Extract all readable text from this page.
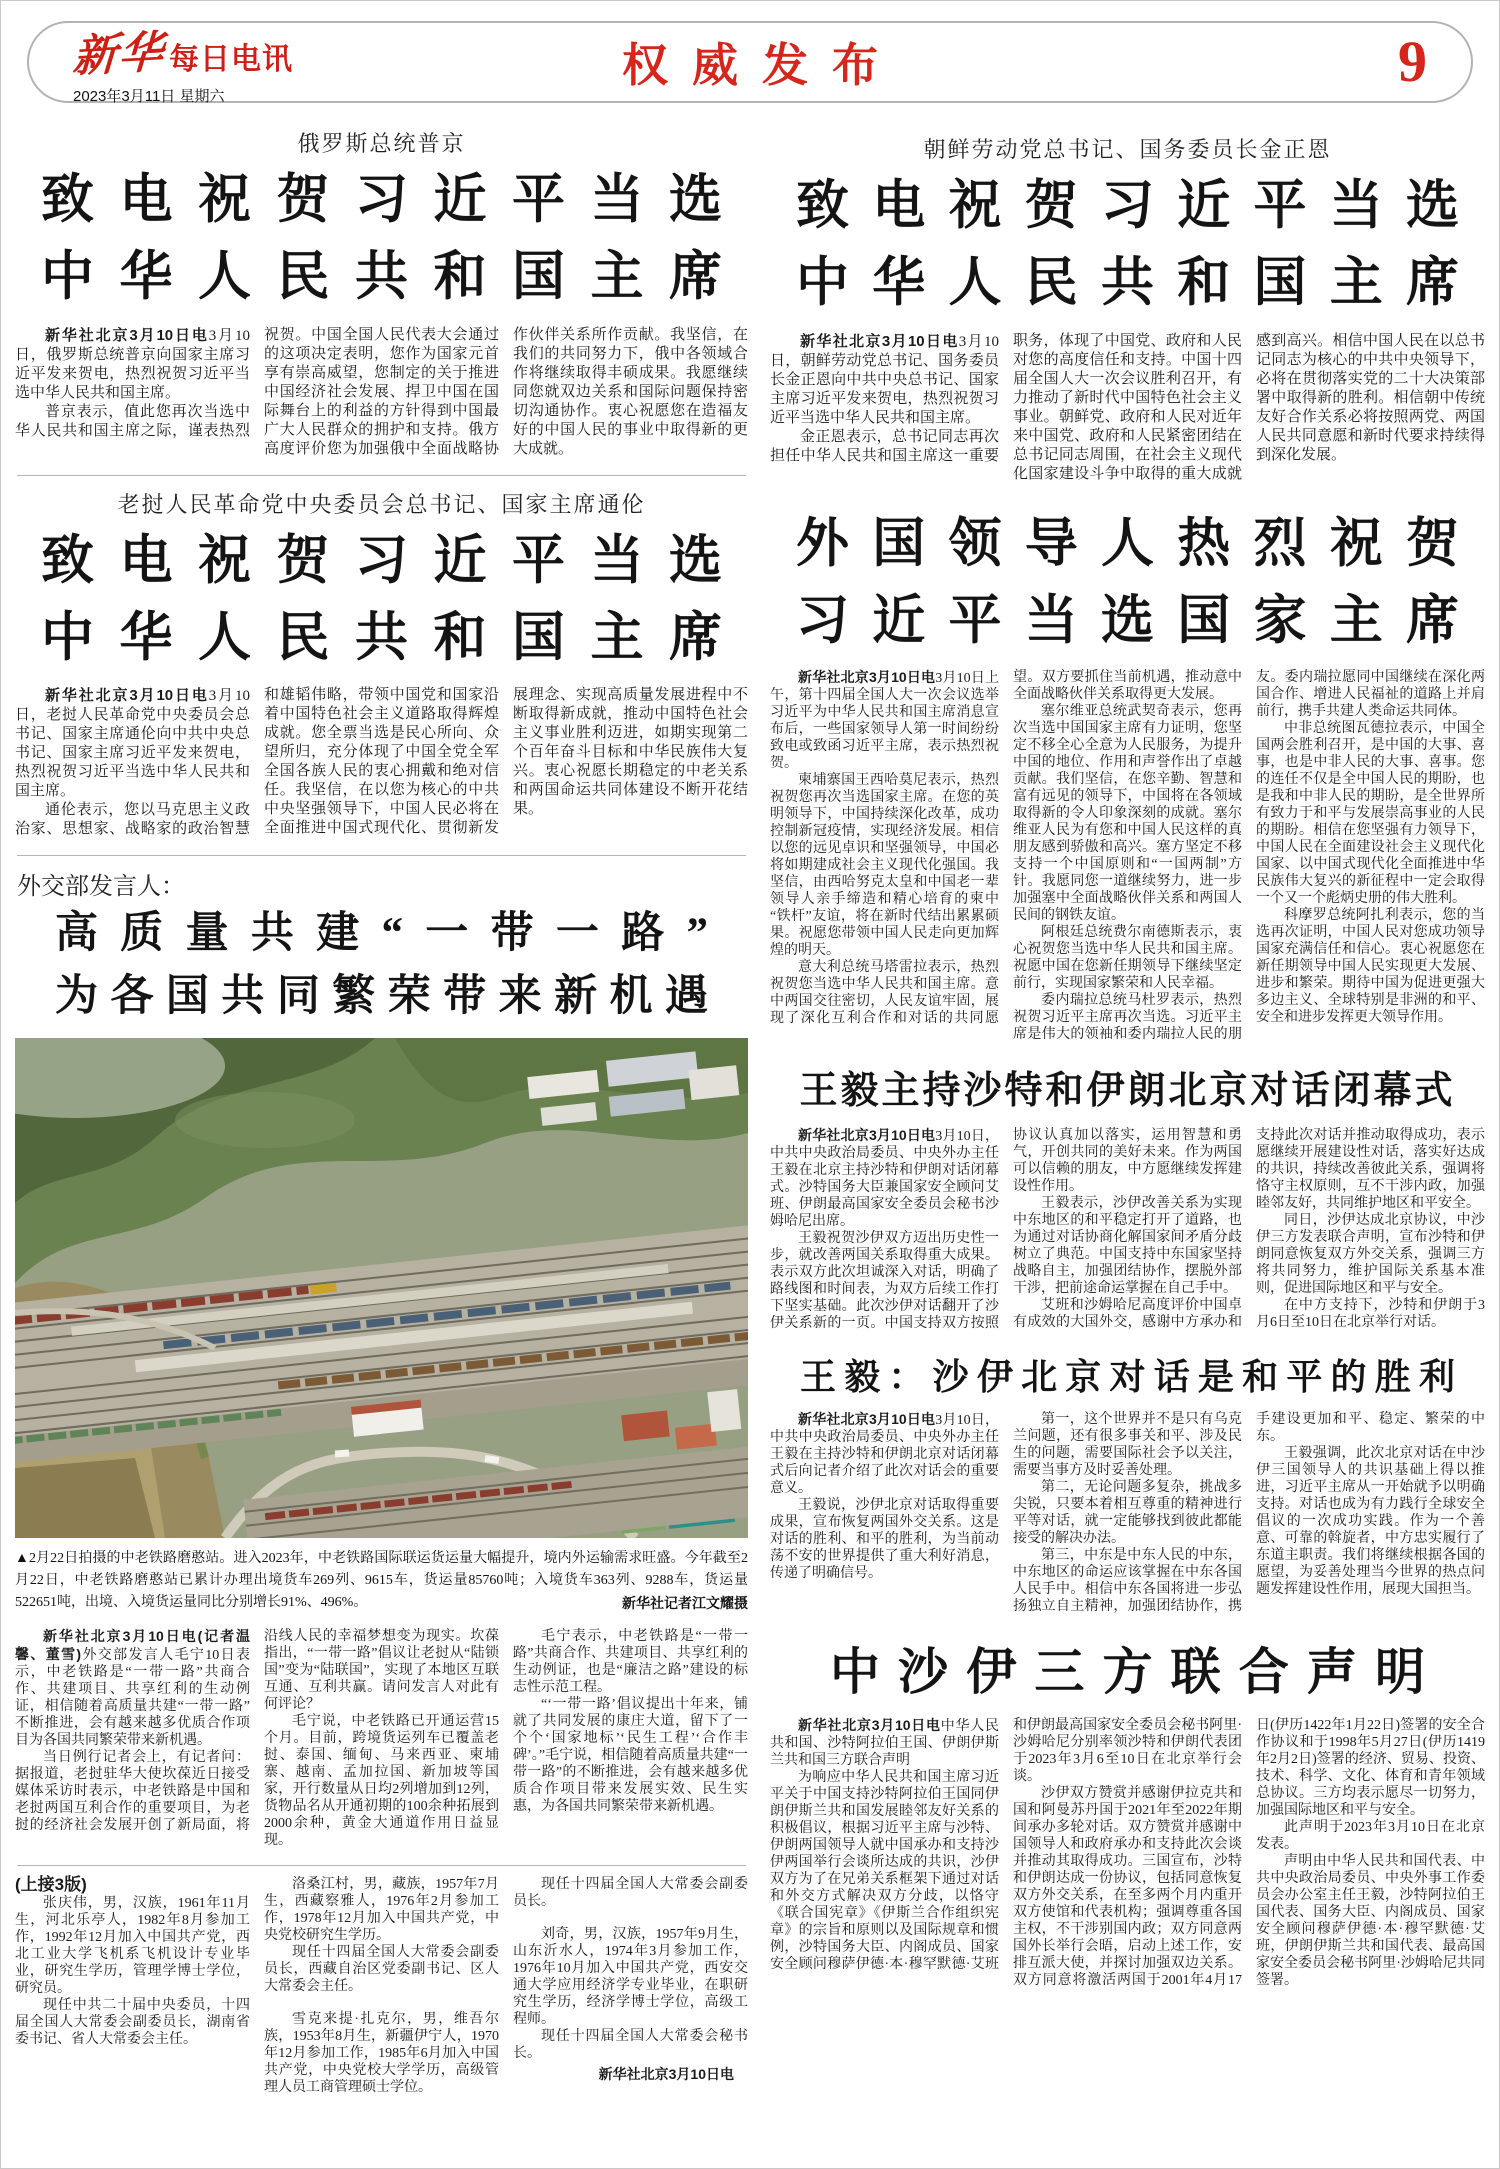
新华 每日电讯
2023年3月11日 星期六
权威发布	9
俄罗斯总统普京
致电祝贺习近平当选
中华人民共和国主席

新华社北京3月10日电3月10日，俄罗斯总统普京向国家主席习近平发来贺电，热烈祝贺习近平当选中华人民共和国主席。

普京表示，值此您再次当选中华人民共和国主席之际，谨表热烈祝贺。中国全国人民代表大会通过的这项决定表明，您作为国家元首享有崇高威望，您制定的关于推进中国经济社会发展、捍卫中国在国际舞台上的利益的方针得到中国最广大人民群众的拥护和支持。俄方高度评价您为加强俄中全面战略协作伙伴关系所作贡献。我坚信，在我们的共同努力下，俄中各领域合作将继续取得丰硕成果。我愿继续同您就双边关系和国际问题保持密切沟通协作。衷心祝愿您在造福友好的中国人民的事业中取得新的更大成就。

老挝人民革命党中央委员会总书记、国家主席通伦
致电祝贺习近平当选
中华人民共和国主席

新华社北京3月10日电3月10日，老挝人民革命党中央委员会总书记、国家主席通伦向中共中央总书记、国家主席习近平发来贺电，热烈祝贺习近平当选中华人民共和国主席。

通伦表示，您以马克思主义政治家、思想家、战略家的政治智慧和雄韬伟略，带领中国党和国家沿着中国特色社会主义道路取得辉煌成就。您全票当选是民心所向、众望所归，充分体现了中国全党全军全国各族人民的衷心拥戴和绝对信任。我坚信，在以您为核心的中共中央坚强领导下，中国人民必将在全面推进中国式现代化、贯彻新发展理念、实现高质量发展进程中不断取得新成就，推动中国特色社会主义事业胜利迈进，如期实现第二个百年奋斗目标和中华民族伟大复兴。衷心祝愿长期稳定的中老关系和两国命运共同体建设不断开花结果。

外交部发言人：
高质量共建“一带一路”
为各国共同繁荣带来新机遇

▲2月22日拍摄的中老铁路磨憨站。进入2023年，中老铁路国际联运货运量大幅提升，境内外运输需求旺盛。今年截至2月22日，中老铁路磨憨站已累计办理出境货车269列、9615车，货运量85760吨；入境货车363列、9288车，货运量522651吨，出境、入境货运量同比分别增长91%、496%。	新华社记者江文耀摄

新华社北京3月10日电(记者温馨、董雪)外交部发言人毛宁10日表示，中老铁路是“一带一路”共商合作、共建项目、共享红利的生动例证，相信随着高质量共建“一带一路”不断推进，会有越来越多优质合作项目为各国共同繁荣带来新机遇。

当日例行记者会上，有记者问：据报道，老挝驻华大使坎葆近日接受媒体采访时表示，中老铁路是中国和老挝两国互利合作的重要项目，为老挝的经济社会发展开创了新局面，将沿线人民的幸福梦想变为现实。坎葆指出，“一带一路”倡议让老挝从“陆锁国”变为“陆联国”，实现了本地区互联互通、互利共赢。请问发言人对此有何评论？

毛宁说，中老铁路已开通运营15个月。目前，跨境货运列车已覆盖老挝、泰国、缅甸、马来西亚、柬埔寨、越南、孟加拉国、新加坡等国家，开行数量从日均2列增加到12列，货物品名从开通初期的100余种拓展到2000余种，黄金大通道作用日益显现。

毛宁表示，中老铁路是“一带一路”共商合作、共建项目、共享红利的生动例证，也是“廉洁之路”建设的标志性示范工程。

“‘一带一路’倡议提出十年来，铺就了共同发展的康庄大道，留下了一个个‘国家地标’‘民生工程’‘合作丰碑’。”毛宁说，相信随着高质量共建“一带一路”的不断推进，会有越来越多优质合作项目带来发展实效、民生实惠，为各国共同繁荣带来新机遇。

(上接3版)

张庆伟，男，汉族，1961年11月生，河北乐亭人，1982年8月参加工作，1992年12月加入中国共产党，西北工业大学飞机系飞机设计专业毕业，研究生学历，管理学博士学位，研究员。

现任中共二十届中央委员，十四届全国人大常委会副委员长，湖南省委书记、省人大常委会主任。

洛桑江村，男，藏族，1957年7月生，西藏察雅人，1976年2月参加工作，1978年12月加入中国共产党，中央党校研究生学历。

现任十四届全国人大常委会副委员长，西藏自治区党委副书记、区人大常委会主任。

雪克来提·扎克尔，男，维吾尔族，1953年8月生，新疆伊宁人，1970年12月参加工作，1985年6月加入中国共产党，中央党校大学学历，高级管理人员工商管理硕士学位。

现任十四届全国人大常委会副委员长。

刘奇，男，汉族，1957年9月生，山东沂水人，1974年3月参加工作，1976年10月加入中国共产党，西安交通大学应用经济学专业毕业，在职研究生学历，经济学博士学位，高级工程师。

现任十四届全国人大常委会秘书长。

新华社北京3月10日电

朝鲜劳动党总书记、国务委员长金正恩
致电祝贺习近平当选
中华人民共和国主席

新华社北京3月10日电3月10日，朝鲜劳动党总书记、国务委员长金正恩向中共中央总书记、国家主席习近平发来贺电，热烈祝贺习近平当选中华人民共和国主席。

金正恩表示，总书记同志再次担任中华人民共和国主席这一重要职务，体现了中国党、政府和人民对您的高度信任和支持。中国十四届全国人大一次会议胜利召开，有力推动了新时代中国特色社会主义事业。朝鲜党、政府和人民对近年来中国党、政府和人民紧密团结在总书记同志周围，在社会主义现代化国家建设斗争中取得的重大成就感到高兴。相信中国人民在以总书记同志为核心的中共中央领导下，必将在贯彻落实党的二十大决策部署中取得新的胜利。相信朝中传统友好合作关系必将按照两党、两国人民共同意愿和新时代要求持续得到深化发展。

外国领导人热烈祝贺
习近平当选国家主席

新华社北京3月10日电3月10日上午，第十四届全国人大一次会议选举习近平为中华人民共和国主席消息宣布后，一些国家领导人第一时间纷纷致电或致函习近平主席，表示热烈祝贺。

柬埔寨国王西哈莫尼表示，热烈祝贺您再次当选国家主席。在您的英明领导下，中国持续深化改革，成功控制新冠疫情，实现经济发展。相信以您的远见卓识和坚强领导，中国必将如期建成社会主义现代化强国。我坚信，由西哈努克太皇和中国老一辈领导人亲手缔造和精心培育的柬中“铁杆”友谊，将在新时代结出累累硕果。祝愿您带领中国人民走向更加辉煌的明天。

意大利总统马塔雷拉表示，热烈祝贺您当选中华人民共和国主席。意中两国交往密切，人民友谊牢固，展现了深化互利合作和对话的共同愿望。双方要抓住当前机遇，推动意中全面战略伙伴关系取得更大发展。

塞尔维亚总统武契奇表示，您再次当选中国国家主席有力证明，您坚定不移全心全意为人民服务，为提升中国的地位、作用和声誉作出了卓越贡献。我们坚信，在您辛勤、智慧和富有远见的领导下，中国将在各领域取得新的令人印象深刻的成就。塞尔维亚人民为有您和中国人民这样的真朋友感到骄傲和高兴。塞方坚定不移支持一个中国原则和“一国两制”方针。我愿同您一道继续努力，进一步加强塞中全面战略伙伴关系和两国人民间的钢铁友谊。

阿根廷总统费尔南德斯表示，衷心祝贺您当选中华人民共和国主席。祝愿中国在您新任期领导下继续坚定前行，实现国家繁荣和人民幸福。

委内瑞拉总统马杜罗表示，热烈祝贺习近平主席再次当选。习近平主席是伟大的领袖和委内瑞拉人民的朋友。委内瑞拉愿同中国继续在深化两国合作、增进人民福祉的道路上并肩前行，携手共建人类命运共同体。

中非总统图瓦德拉表示，中国全国两会胜利召开，是中国的大事、喜事，也是中非人民的大事、喜事。您的连任不仅是全中国人民的期盼，也是我和中非人民的期盼，是全世界所有致力于和平与发展崇高事业的人民的期盼。相信在您坚强有力领导下，中国人民在全面建设社会主义现代化国家、以中国式现代化全面推进中华民族伟大复兴的新征程中一定会取得一个又一个彪炳史册的伟大胜利。

科摩罗总统阿扎利表示，您的当选再次证明，中国人民对您成功领导国家充满信任和信心。衷心祝愿您在新任期领导中国人民实现更大发展、进步和繁荣。期待中国为促进更强大多边主义、全球特别是非洲的和平、安全和进步发挥更大领导作用。

王毅主持沙特和伊朗北京对话闭幕式

新华社北京3月10日电3月10日，中共中央政治局委员、中央外办主任王毅在北京主持沙特和伊朗对话闭幕式。沙特国务大臣兼国家安全顾问艾班、伊朗最高国家安全委员会秘书沙姆哈尼出席。

王毅祝贺沙伊双方迈出历史性一步，就改善两国关系取得重大成果。表示双方此次坦诚深入对话，明确了路线图和时间表，为双方后续工作打下坚实基础。此次沙伊对话翻开了沙伊关系新的一页。中国支持双方按照协议认真加以落实，运用智慧和勇气，开创共同的美好未来。作为两国可以信赖的朋友，中方愿继续发挥建设性作用。

王毅表示，沙伊改善关系为实现中东地区的和平稳定打开了道路，也为通过对话协商化解国家间矛盾分歧树立了典范。中国支持中东国家坚持战略自主，加强团结协作，摆脱外部干涉，把前途命运掌握在自己手中。

艾班和沙姆哈尼高度评价中国卓有成效的大国外交，感谢中方承办和支持此次对话并推动取得成功，表示愿继续开展建设性对话，落实好达成的共识，持续改善彼此关系，强调将恪守主权原则，互不干涉内政，加强睦邻友好，共同维护地区和平安全。

同日，沙伊达成北京协议，中沙伊三方发表联合声明，宣布沙特和伊朗同意恢复双方外交关系，强调三方将共同努力，维护国际关系基本准则，促进国际地区和平与安全。

在中方支持下，沙特和伊朗于3月6日至10日在北京举行对话。

王毅：沙伊北京对话是和平的胜利

新华社北京3月10日电3月10日，中共中央政治局委员、中央外办主任王毅在主持沙特和伊朗北京对话闭幕式后向记者介绍了此次对话会的重要意义。

王毅说，沙伊北京对话取得重要成果，宣布恢复两国外交关系。这是对话的胜利、和平的胜利，为当前动荡不安的世界提供了重大利好消息，传递了明确信号。

第一，这个世界并不是只有乌克兰问题，还有很多事关和平、涉及民生的问题，需要国际社会予以关注，需要当事方及时妥善处理。

第二，无论问题多复杂，挑战多尖锐，只要本着相互尊重的精神进行平等对话，就一定能够找到彼此都能接受的解决办法。

第三，中东是中东人民的中东，中东地区的命运应该掌握在中东各国人民手中。相信中东各国将进一步弘扬独立自主精神，加强团结协作，携手建设更加和平、稳定、繁荣的中东。

王毅强调，此次北京对话在中沙伊三国领导人的共识基础上得以推进，习近平主席从一开始就予以明确支持。对话也成为有力践行全球安全倡议的一次成功实践。作为一个善意、可靠的斡旋者，中方忠实履行了东道主职责。我们将继续根据各国的愿望，为妥善处理当今世界的热点问题发挥建设性作用，展现大国担当。

中沙伊三方联合声明

新华社北京3月10日电中华人民共和国、沙特阿拉伯王国、伊朗伊斯兰共和国三方联合声明

为响应中华人民共和国主席习近平关于中国支持沙特阿拉伯王国同伊朗伊斯兰共和国发展睦邻友好关系的积极倡议，根据习近平主席与沙特、伊朗两国领导人就中国承办和支持沙伊两国举行会谈所达成的共识，沙伊双方为了在兄弟关系框架下通过对话和外交方式解决双方分歧，以恪守《联合国宪章》《伊斯兰合作组织宪章》的宗旨和原则以及国际规章和惯例，沙特国务大臣、内阁成员、国家安全顾问穆萨伊德·本·穆罕默德·艾班和伊朗最高国家安全委员会秘书阿里·沙姆哈尼分别率领沙特和伊朗代表团于2023年3月6至10日在北京举行会谈。

沙伊双方赞赏并感谢伊拉克共和国和阿曼苏丹国于2021年至2022年期间承办多轮对话。双方赞赏并感谢中国领导人和政府承办和支持此次会谈并推动其取得成功。三国宣布，沙特和伊朗达成一份协议，包括同意恢复双方外交关系，在至多两个月内重开双方使馆和代表机构；强调尊重各国主权，不干涉别国内政；双方同意两国外长举行会晤，启动上述工作，安排互派大使，并探讨加强双边关系。双方同意将激活两国于2001年4月17日(伊历1422年1月22日)签署的安全合作协议和于1998年5月27日(伊历1419年2月2日)签署的经济、贸易、投资、技术、科学、文化、体育和青年领域总协议。三方均表示愿尽一切努力，加强国际地区和平与安全。

此声明于2023年3月10日在北京发表。

声明由中华人民共和国代表、中共中央政治局委员、中央外事工作委员会办公室主任王毅，沙特阿拉伯王国代表、国务大臣、内阁成员、国家安全顾问穆萨伊德·本·穆罕默德·艾班，伊朗伊斯兰共和国代表、最高国家安全委员会秘书阿里·沙姆哈尼共同签署。
